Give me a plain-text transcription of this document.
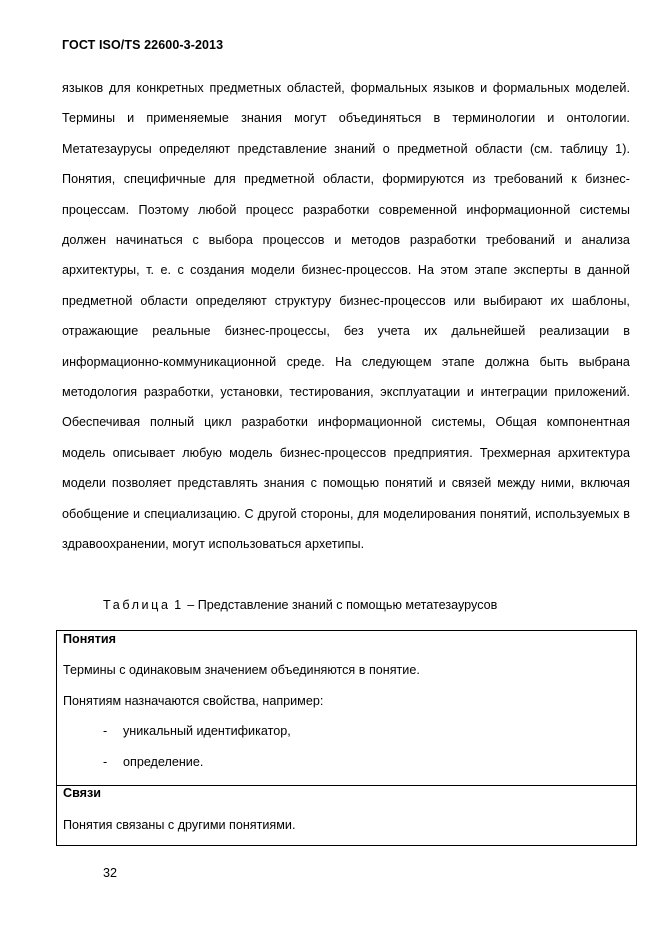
ГОСТ ISO/TS 22600-3-2013

языков для конкретных предметных областей, формальных языков и формальных моделей. Термины и применяемые знания могут объединяться в терминологии и онтологии. Метатезаурусы определяют представление знаний о предметной области (см. таблицу 1). Понятия, специфичные для предметной области, формируются из требований к бизнес-процессам. Поэтому любой процесс разработки современной информационной системы должен начинаться с выбора процессов и методов разработки требований и анализа архитектуры, т. е. с создания модели бизнес-процессов. На этом этапе эксперты в данной предметной области определяют структуру бизнес-процессов или выбирают их шаблоны, отражающие реальные бизнес-процессы, без учета их дальнейшей реализации в информационно-коммуникационной среде. На следующем этапе должна быть выбрана методология разработки, установки, тестирования, эксплуатации и интеграции приложений. Обеспечивая полный цикл разработки информационной системы, Общая компонентная модель описывает любую модель бизнес-процессов предприятия. Трехмерная архитектура модели позволяет представлять знания с помощью понятий и связей между ними, включая обобщение и специализацию. С другой стороны, для моделирования понятий, используемых в здравоохранении, могут использоваться архетипы.

Таблица 1 – Представление знаний с помощью метатезаурусов
Понятия
Термины с одинаковым значением объединяются в понятие.
Понятиям назначаются свойства, например:
- уникальный идентификатор,
- определение.
Связи
Понятия связаны с другими понятиями.
32
